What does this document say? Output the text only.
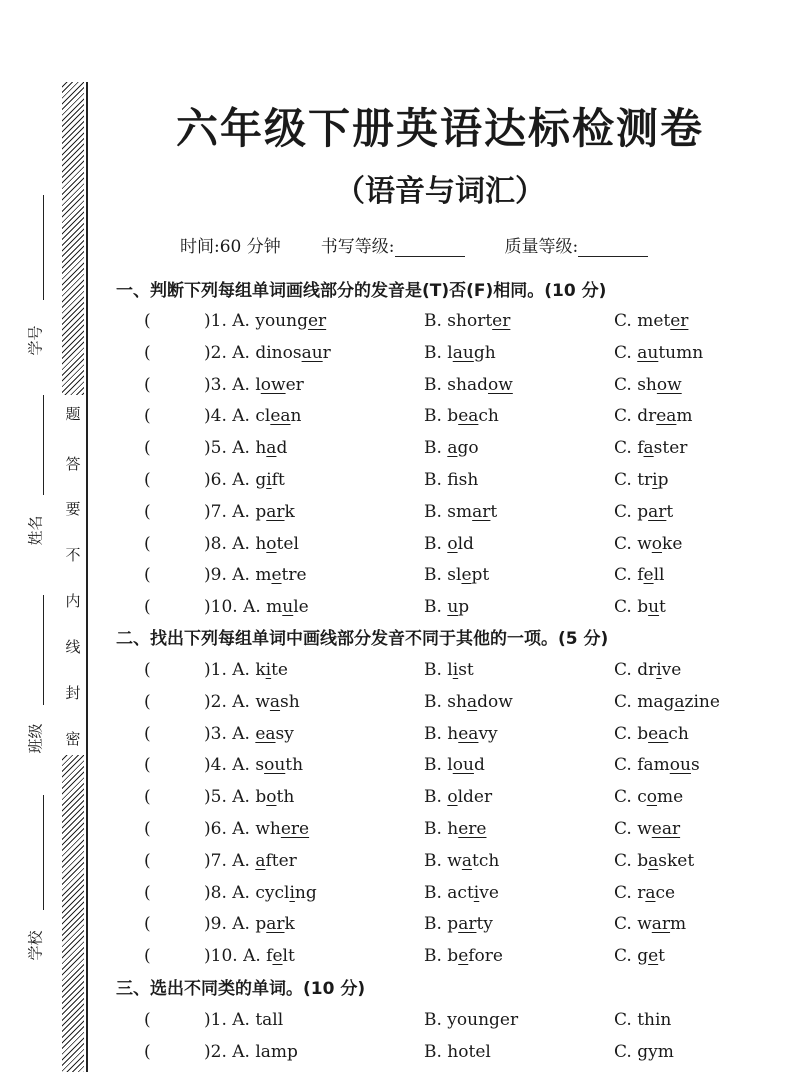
题
答
要
不
内
线
封
密
学号
姓名
班级
学校
六年级下册英语达标检测卷
（语音与词汇）
时间:60 分钟 书写等级:	质量等级:
一、判断下列每组单词画线部分的发音是(T)否(F)相同。(10 分)
(	)1. A. younger	B. shorter	C. meter
(	)2. A. dinosaur	B. laugh	C. autumn
(	)3. A. lower	B. shadow	C. show
(	)4. A. clean	B. beach	C. dream
(	)5. A. had	B. ago	C. faster
(	)6. A. gift	B. fsh	C. trip
(	)7. A. park	B. smart	C. part
(	)8. A. hotel	B. old	C. woke
(	)9. A. metre	B. slept	C. fell
(	)10. A. mule	B. up	C. but
二、找出下列每组单词中画线部分发音不同于其他的一项。(5 分)
(	)1. A. kite	B. list	C. drive
(	)2. A. wash	B. shadow	C. magazine
(	)3. A. easy	B. heavy	C. beach
(	)4. A. south	B. loud	C. famous
(	)5. A. both	B. older	C. come
(	)6. A. where	B. here	C. wear
(	)7. A. after	B. watch	C. basket
(	)8. A. cycling	B. active	C. race
(	)9. A. park	B. party	C. warm
(	)10. A. felt	B. before	C. get
三、选出不同类的单词。(10 分)
(	)1. A. tall	B. younger	C. thin
(	)2. A. lamp	B. hotel	C. gym
